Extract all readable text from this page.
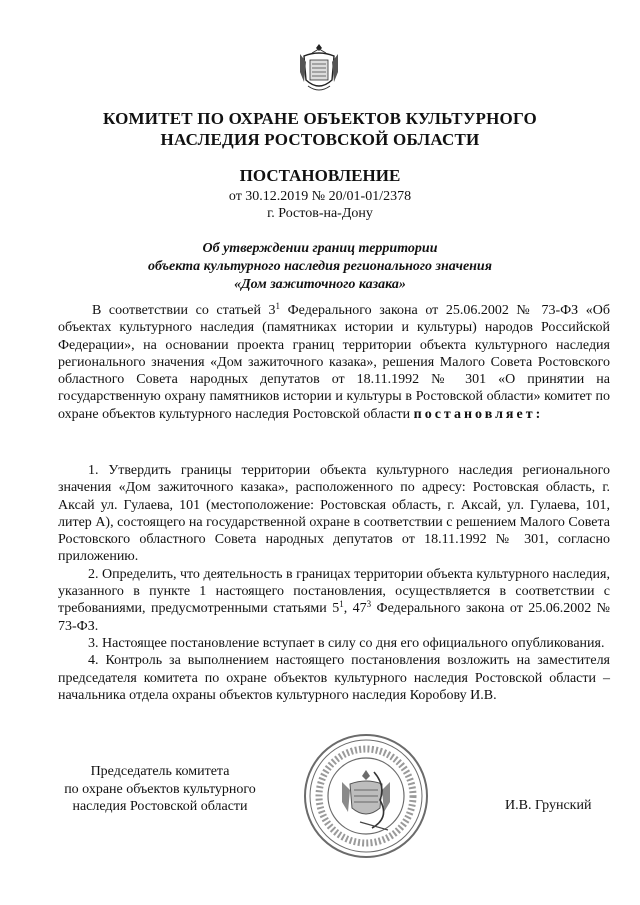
КОМИТЕТ ПО ОХРАНЕ ОБЪЕКТОВ КУЛЬТУРНОГО
НАСЛЕДИЯ РОСТОВСКОЙ ОБЛАСТИ
ПОСТАНОВЛЕНИЕ
от 30.12.2019 № 20/01-01/2378
г. Ростов-на-Дону
Об утверждении границ территории
объекта культурного наследия регионального значения
«Дом зажиточного казака»

В соответствии со статьей $3^1$ Федерального закона от 25.06.2002 № 73-ФЗ «Об объектах культурного наследия (памятниках истории и культуры) народов Российской Федерации», на основании проекта границ территории объекта культурного наследия регионального значения «Дом зажиточного казака», решения Малого Совета Ростовского областного Совета народных депутатов от 18.11.1992 № 301 «О принятии на государственную охрану памятников истории и культуры в Ростовской области» комитет по охране объектов культурного наследия Ростовской области постановляет:

1. Утвердить границы территории объекта культурного наследия регионального значения «Дом зажиточного казака», расположенного по адресу: Ростовская область, г. Аксай ул. Гулаева, 101 (местоположение: Ростовская область, г. Аксай, ул. Гулаева, 101, литер А), состоящего на государственной охране в соответствии с решением Малого Совета Ростовского областного Совета народных депутатов от 18.11.1992 № 301, согласно приложению.

2. Определить, что деятельность в границах территории объекта культурного наследия, указанного в пункте 1 настоящего постановления, осуществляется в соответствии с требованиями, предусмотренными статьями $5^1$, $47^3$ Федерального закона от 25.06.2002 № 73-ФЗ.

3. Настоящее постановление вступает в силу со дня его официального опубликования.

4. Контроль за выполнением настоящего постановления возложить на заместителя председателя комитета по охране объектов культурного наследия Ростовской области – начальника отдела охраны объектов культурного наследия Коробову И.В.

Председатель комитета
по охране объектов культурного
наследия Ростовской области	И.В. Грунский
